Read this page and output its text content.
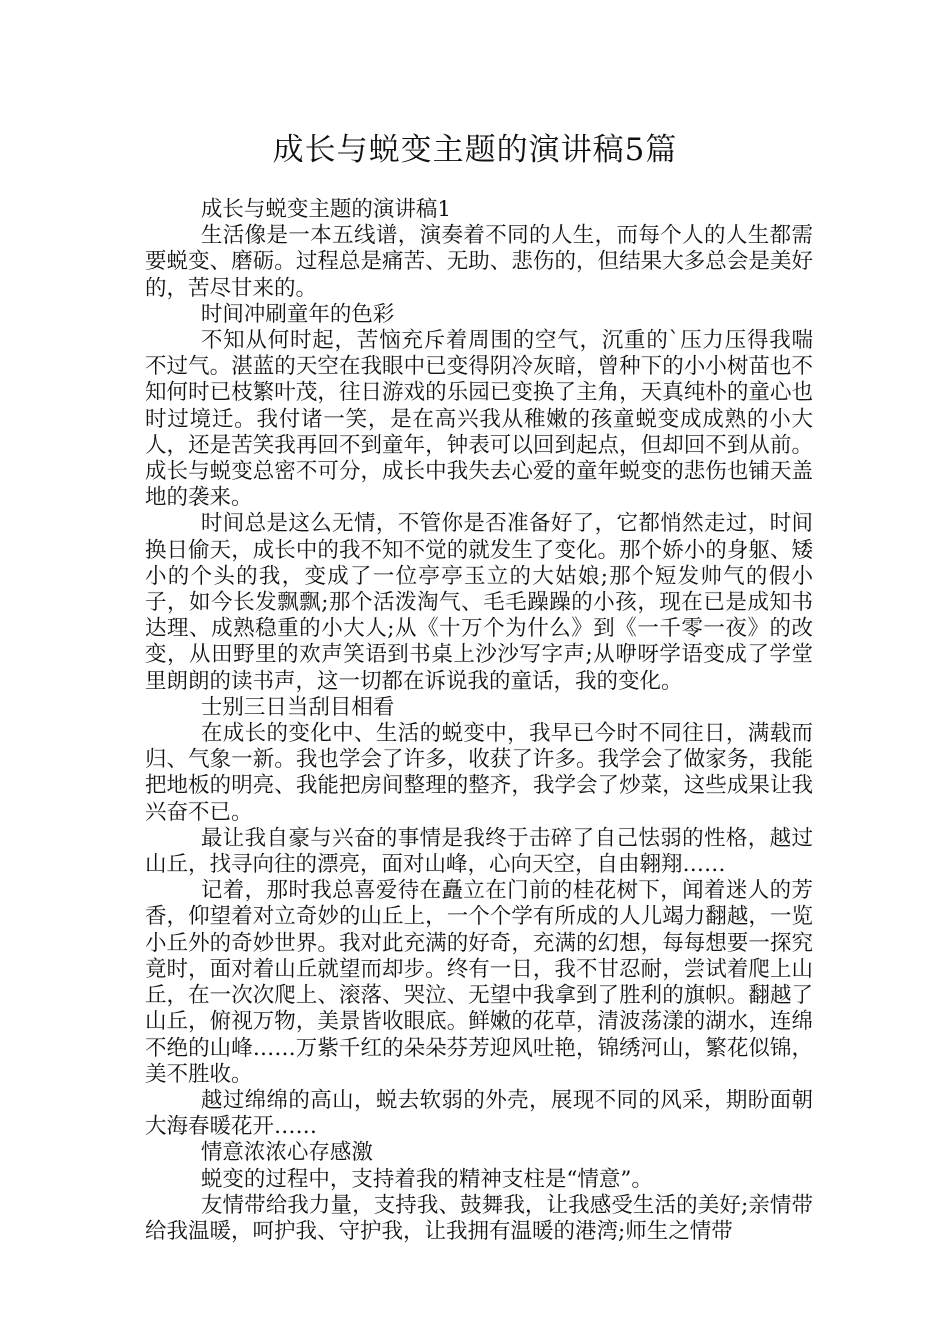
成长与蜕变主题的演讲稿5篇

成长与蜕变主题的演讲稿1

生活像是一本五线谱，演奏着不同的人生，而每个人的人生都需要蜕变、磨砺。过程总是痛苦、无助、悲伤的，但结果大多总会是美好的，苦尽甘来的。

时间冲刷童年的色彩

不知从何时起，苦恼充斥着周围的空气，沉重的`压力压得我喘不过气。湛蓝的天空在我眼中已变得阴冷灰暗，曾种下的小小树苗也不知何时已枝繁叶茂，往日游戏的乐园已变换了主角，天真纯朴的童心也时过境迁。我付诸一笑，是在高兴我从稚嫩的孩童蜕变成成熟的小大人，还是苦笑我再回不到童年，钟表可以回到起点，但却回不到从前。成长与蜕变总密不可分，成长中我失去心爱的童年蜕变的悲伤也铺天盖地的袭来。

时间总是这么无情，不管你是否准备好了，它都悄然走过，时间换日偷天，成长中的我不知不觉的就发生了变化。那个娇小的身躯、矮小的个头的我，变成了一位亭亭玉立的大姑娘;那个短发帅气的假小子，如今长发飘飘;那个活泼淘气、毛毛躁躁的小孩，现在已是成知书达理、成熟稳重的小大人;从《十万个为什么》到《一千零一夜》的改变，从田野里的欢声笑语到书桌上沙沙写字声;从咿呀学语变成了学堂里朗朗的读书声，这一切都在诉说我的童话，我的变化。

士别三日当刮目相看

在成长的变化中、生活的蜕变中，我早已今时不同往日，满载而归、气象一新。我也学会了许多，收获了许多。我学会了做家务，我能把地板的明亮、我能把房间整理的整齐，我学会了炒菜，这些成果让我兴奋不已。

最让我自豪与兴奋的事情是我终于击碎了自己怯弱的性格，越过山丘，找寻向往的漂亮，面对山峰，心向天空，自由翱翔……

记着，那时我总喜爱待在矗立在门前的桂花树下，闻着迷人的芳香，仰望着对立奇妙的山丘上，一个个学有所成的人儿竭力翻越，一览小丘外的奇妙世界。我对此充满的好奇，充满的幻想，每每想要一探究竟时，面对着山丘就望而却步。终有一日，我不甘忍耐，尝试着爬上山丘，在一次次爬上、滚落、哭泣、无望中我拿到了胜利的旗帜。翻越了山丘，俯视万物，美景皆收眼底。鲜嫩的花草，清波荡漾的湖水，连绵不绝的山峰……万紫千红的朵朵芬芳迎风吐艳，锦绣河山，繁花似锦，美不胜收。

越过绵绵的高山，蜕去软弱的外壳，展现不同的风采，期盼面朝大海春暖花开……

情意浓浓心存感激

蜕变的过程中，支持着我的精神支柱是“情意”。

友情带给我力量，支持我、鼓舞我，让我感受生活的美好;亲情带给我温暖，呵护我、守护我，让我拥有温暖的港湾;师生之情带
